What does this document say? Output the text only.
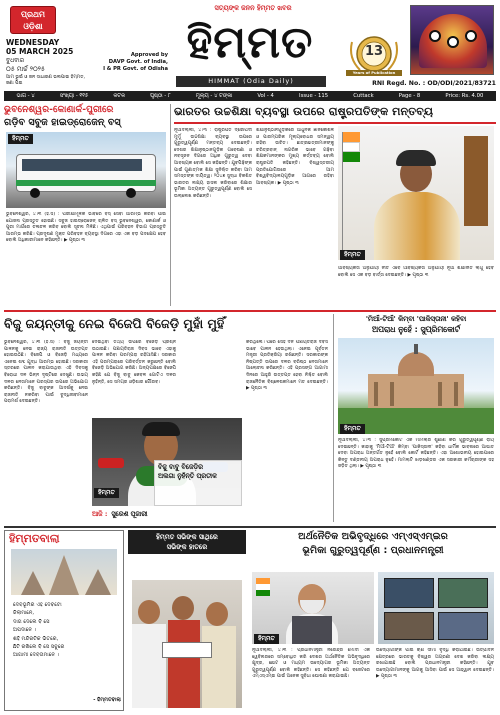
ପ୍ରଥମ
ଓଡ଼ିଶା
WEDNESDAY
05 MARCH 2025
ବୁଧବାର
୦୫ ମାର୍ଚ୍ଚ ୨୦୨୫
ଆମ ଭୁଇଁ ଓ ଜନ ସାଧାରଣ ଭଲପାଇ ହିମ୍ମତ, ଜଣା ପିଇ
ସତ୍ୟଙ୍କ ଜନନ ହିମ୍ମତ ଖବର
ହିମ୍ମତ
HIMMAT (Odia Daily)
Approved by
DAVP Govt. of India,
I & PR Govt. of Odisha
13
Years of Publication
RNI Regd. No. : OD/ODI/2021/83721
ଭାଗ - ୪	ସଂଖ୍ୟା - ୧୧୫	କଟକ	ପୃଷ୍ଠା - ୮	ମୂଲ୍ୟ - ୪ ଟଙ୍କା	Vol - 4	Issue - 115	Cuttack	Page - 8	Price: Rs. 4.00
ଭୁବନେଶ୍ୱର-କୋଣାର୍କ-ପୁରୀରେ
ଗଡ଼ିବ ସବୁଜ ହାଇଡ୍ରୋଜେନ୍ ବସ୍
ହିମ୍ମତ
ଭୁବନେଶ୍ୱର, ୪।୩ (ହି.ସ) : ପରୀକ୍ଷାମୂଳକ ଭାବରେ ବସ୍ ସେବା ଆରମ୍ଭ କରିବା ପାଇଁ ଯୋଜନା ପ୍ରସ୍ତୁତ ହୋଇଛି। ସବୁଜ ହାଇଡ୍ରୋଜେନ୍ ଚାଳିତ ବସ୍ ଭୁବନେଶ୍ୱର, କୋଣାର୍କ ଓ ପୁରୀ ମାର୍ଗରେ ଚଳାଚଳ କରିବ ବୋଲି ସୂଚନା ମିଳିଛି। ଏଥିପାଇଁ ପରିବହନ ବିଭାଗ ପ୍ରସ୍ତୁତି ଆରମ୍ଭ କରିଛି। ପ୍ରଦୂଷଣ ମୁକ୍ତ ପରିବହନ ବ୍ୟବସ୍ଥା ଦିଗରେ ଏହା ଏକ ବଡ଼ ପଦକ୍ଷେପ ହେବ ବୋଲି ଅଧିକାରୀମାନେ କହିଛନ୍ତି। ▶ ପୃଷ୍ଠା ୩
ଭାରତର ଉଚ୍ଚଶିକ୍ଷା ବ୍ୟବସ୍ଥା ଉପରେ ରାଷ୍ଟ୍ରପତିଙ୍କ ମନ୍ତବ୍ୟ
ନୂଆଦିଲ୍ଲୀ, ୪।୩ : ରାଷ୍ଟ୍ରପତି ଦ୍ରୌପଦୀ ମୁର୍ମୁ ଉଚ୍ଚଶିକ୍ଷା ବ୍ୟବସ୍ଥା ଉପରେ ଗୁରୁତ୍ୱପୂର୍ଣ୍ଣ ମନ୍ତବ୍ୟ ଦେଇଛନ୍ତି। ଦେଶର ଶିକ୍ଷାନୁଷ୍ଠାନଗୁଡ଼ିକ ଗବେଷଣା ଓ ନବସୃଜନ ଦିଗରେ ଅଧିକ ଗୁରୁତ୍ୱ ଦେବା ଆବଶ୍ୟକ ବୋଲି ସେ କହିଛନ୍ତି। ଯୁବପିଢ଼ିଙ୍କ ପାଇଁ ଗୁଣାତ୍ମକ ଶିକ୍ଷା ସୁନିଶ୍ଚିତ କରିବା ଆମ ସମସ୍ତଙ୍କ ଦାୟିତ୍ୱ। ୨୦୪୭ ସୁଦ୍ଧା ବିକଶିତ ଭାରତର ଲକ୍ଷ୍ୟ ହାସଲ କରିବାରେ ଶିକ୍ଷାର ଭୂମିକା ଅତ୍ୟନ୍ତ ଗୁରୁତ୍ୱପୂର୍ଣ୍ଣ ବୋଲି ସେ ଉଲ୍ଲେଖ କରିଛନ୍ତି।
ଶିକ୍ଷାନୁଷ୍ଠାନଗୁଡ଼ିକରେ ଆଧୁନିକ ଜ୍ଞାନକୌଶଳ ଓ ପାରମ୍ପରିକ ମୂଲ୍ୟବୋଧର ସମନ୍ୱୟ ରହିବା ଉଚିତ। ଛାତ୍ରଛାତ୍ରୀମାନଙ୍କୁ ଚରିତ୍ରବାନ୍ ନାଗରିକ ଭାବେ ଗଢ଼ିବା ଶିକ୍ଷକମାନଙ୍କର ମୁଖ୍ୟ କର୍ତ୍ତବ୍ୟ ବୋଲି ରାଷ୍ଟ୍ରପତି କହିଛନ୍ତି। ବିଶ୍ୱସ୍ତରୀୟ ପ୍ରତିଯୋଗିତାରେ ଆମ ବିଶ୍ୱବିଦ୍ୟାଳୟଗୁଡ଼ିକ ଆଗରେ ରହିବା ଆବଶ୍ୟକ। ▶ ପୃଷ୍ଠା ୩
ହିମ୍ମତ
ଆବଶ୍ୟକତା ଅନୁଯାୟୀ ନୀତି ଏବେ ଆବଶ୍ୟକତା ଅନୁଯାୟୀ ନୂଆ ଶିକ୍ଷାନୀତି ଲାଗୁ ହେବ ବୋଲି ସେ ଏକ ବଡ଼ ବାର୍ତ୍ତା ଦେଇଛନ୍ତି। ▶ ପୃଷ୍ଠା ୩
ବିଜୁ ଜୟନ୍ତୀକୁ ନେଇ ବିଜେପି ବିଜେଡ଼ି ମୁହାଁ ମୁହିଁ
ଭୁବନେଶ୍ୱର, ୪।୩ (ହି.ସ) : ବିଜୁ ଜୟନ୍ତୀ ପାଳନକୁ ନେଇ ରାଜ୍ୟ ରାଜନୀତି ଉତ୍ତପ୍ତ ହୋଇଉଠିଛି। ବିଜେପି ଓ ବିଜେଡ଼ି ମଧ୍ୟରେ ଏନେଇ ଶବ୍ଦ ଯୁଦ୍ଧ ଆରମ୍ଭ ହୋଇଛି। ସରକାରୀ ସ୍ତରରେ ପାଳନ କରାଯାଉଥିବା ଏହି ଦିବସକୁ ବିରୋଧୀ ଦଳ ଭିନ୍ନ ଦୃଷ୍ଟିରେ ଦେଖୁଛି। ଉଭୟ ଦଳର ନେତାମାନେ ପରସ୍ପର ଉପରେ ଅଭିଯୋଗ କରିଛନ୍ତି। ବିଜୁ ବାବୁଙ୍କ ଆଦର୍ଶକୁ ନେଇ ରାଜନୀତି ନକରିବା ପାଇଁ ବୁଦ୍ଧିଜୀବୀମାନେ ପରାମର୍ଶ ଦେଇଛନ୍ତି।
ଦେଇଥିବା ତଥ୍ୟ ଉପରେ ବିଜେଡ଼ି ପ୍ରଶ୍ନ ଉଠାଇଛି। ପଞ୍ଚାୟତିରାଜ ଦିବସ ଭାବେ ଏହାକୁ ପାଳନ କରିବା ପରମ୍ପରା ରହିଆସିଛି। ସରକାର ଏହି ପରମ୍ପରାରେ ପରିବର୍ତ୍ତନ କରୁଛନ୍ତି ବୋଲି ବିଜେଡ଼ି ଅଭିଯୋଗ କରିଛି। ଅନ୍ୟପକ୍ଷରେ ବିଜେପି କହିଛି ଯେ ବିଜୁ ବାବୁ କେବଳ ଗୋଟିଏ ଦଳର ନୁହଁନ୍ତି, ସେ ସମଗ୍ର ଓଡ଼ିଶାର ଗୌରବ।
ହିମ୍ମତ
ବିଜୁ ବାବୁ ବିଜେଡ଼ିର
ଅଲଗା ନୁହଁନ୍ତି ପ୍ରତୀକ
ଆଜି : ସୁରେଶ ପୂଜାରୀ
କରିଥିଲେ। ପରେ ସେହି ଦିନ ପଞ୍ଚାୟତିରାଜ ଦିବସ ଭାବେ ପାଳନ ହେଉଥିଲା। ଏନେଇ ପୂର୍ବତନ ମନ୍ତ୍ରୀ ପ୍ରତିକ୍ରିୟା ରଖିଛନ୍ତି। ସରକାରଙ୍କ ନିଷ୍ପତ୍ତି ଉପରେ ଦଳର ବରିଷ୍ଠ ନେତାମାନେ ଆଲୋଚନା କରିଛନ୍ତି। ଏହି ପ୍ରସଙ୍ଗ ଆଗାମୀ ଦିନରେ ଆହୁରି ଉତ୍ତପ୍ତ ହେବା ନିଶ୍ଚିତ ବୋଲି ରାଜନୈତିକ ବିଶ୍ଳେଷକମାନେ ମତ ଦେଇଛନ୍ତି। ▶ ପୃଷ୍ଠା ୩
'ମିଆଁ-ଟିଆଁ' କିମ୍ବା 'ପାକିସ୍ତାନୀ' କହିବା
ଅପରାଧ ନୁହେଁ : ସୁପ୍ରିମକୋର୍ଟ
ହିମ୍ମତ
ନୂଆଦିଲ୍ଲୀ, ୪।୩ : ସୁପ୍ରିମକୋର୍ଟ ଏକ ମାମଲାର ଶୁଣାଣି କରି ଗୁରୁତ୍ୱପୂର୍ଣ୍ଣ ରାୟ ଦେଇଛନ୍ତି। କାହାକୁ 'ମିଆଁ-ଟିଆଁ' କିମ୍ବା 'ପାକିସ୍ତାନୀ' କହିବା ଧାର୍ମିକ ଭାବନାରେ ଆଘାତ ଦେବା ଅପରାଧ ଅନ୍ତର୍ଗତ ନୁହେଁ ବୋଲି କୋର୍ଟ କହିଛନ୍ତି। ଏହା ଅଶୋଭନୀୟ ହୋଇପାରେ କିନ୍ତୁ ଦଣ୍ଡନୀୟ ଅପରାଧ ନୁହେଁ। ମାମଲାଟି ଝାଡ଼ଖଣ୍ଡର ଏକ ସରକାରୀ କର୍ମଚାରୀଙ୍କ ସହ ଜଡ଼ିତ ଥିଲା। ▶ ପୃଷ୍ଠା ୩
ହିମ୍ମତବାଲା
ଦେବଭୂମିର ଏହ ଦେବଟୋ
ଜିଲାମାନେ,
ଦାଗ ଦେଲେ ବି ସେ
ଅପଦାନେ ।
ଶହି ମନ୍ଦିରଟିକ ଭିତରେ,
ଛିଟି ରଖିଲେ ବି ସେ ସବୁରେ
ଆଗାମୀ ଦେବତାମାନେ ।
- ହିମ୍ମତବାଲା
ହିମ୍ମତ ସଭିଙ୍କ ସାଥିରେ
ସଭିଙ୍କ ହାତରେ
ଅର୍ଥନୈତିକ ଅଭିବୃଦ୍ଧିରେ ଏମ୍ଏସ୍ଏମ୍ଇର
ଭୂମିକା ଗୁରୁତ୍ୱପୂର୍ଣ୍ଣ : ପ୍ରଧାନମନ୍ତ୍ରୀ
ହିମ୍ମତ
ନୂଆଦିଲ୍ଲୀ, ୪।୩ : ପ୍ରଧାନମନ୍ତ୍ରୀ ନରେନ୍ଦ୍ର ମୋଦୀ ଏକ ୱେବିନାରରେ ସମ୍ବୋଧିତ କରି ଦେଶର ଅର୍ଥନୈତିକ ଅଭିବୃଦ୍ଧିରେ କ୍ଷୁଦ୍ର, ଛୋଟ ଓ ମଧ୍ୟମ ଉଦ୍ୟୋଗର ଭୂମିକା ଅତ୍ୟନ୍ତ ଗୁରୁତ୍ୱପୂର୍ଣ୍ଣ ବୋଲି କହିଛନ୍ତି। ସେ କହିଛନ୍ତି ଯେ ବଜେଟରେ ଏମ୍ଏସ୍ଏମ୍ଇ ପାଇଁ ଅନେକ ସୁବିଧା ଘୋଷଣା କରାଯାଇଛି।
ଉଦ୍ୟୋଗୀଙ୍କ ପାଇଁ ଋଣ ସୀମା ବୃଦ୍ଧି କରାଯାଇଛି। ଉତ୍ପାଦନ କ୍ଷେତ୍ରରେ ଭାରତକୁ ବିଶ୍ୱର ଅଗ୍ରଣୀ ଦେଶ କରିବା ଲକ୍ଷ୍ୟ ରଖାଯାଇଛି ବୋଲି ପ୍ରଧାନମନ୍ତ୍ରୀ କହିଛନ୍ତି। ଯୁବ ଉଦ୍ୟୋଗୀମାନଙ୍କୁ ଆଗକୁ ଆସିବା ପାଇଁ ସେ ଆହ୍ୱାନ ଦେଇଛନ୍ତି। ▶ ପୃଷ୍ଠା ୩
